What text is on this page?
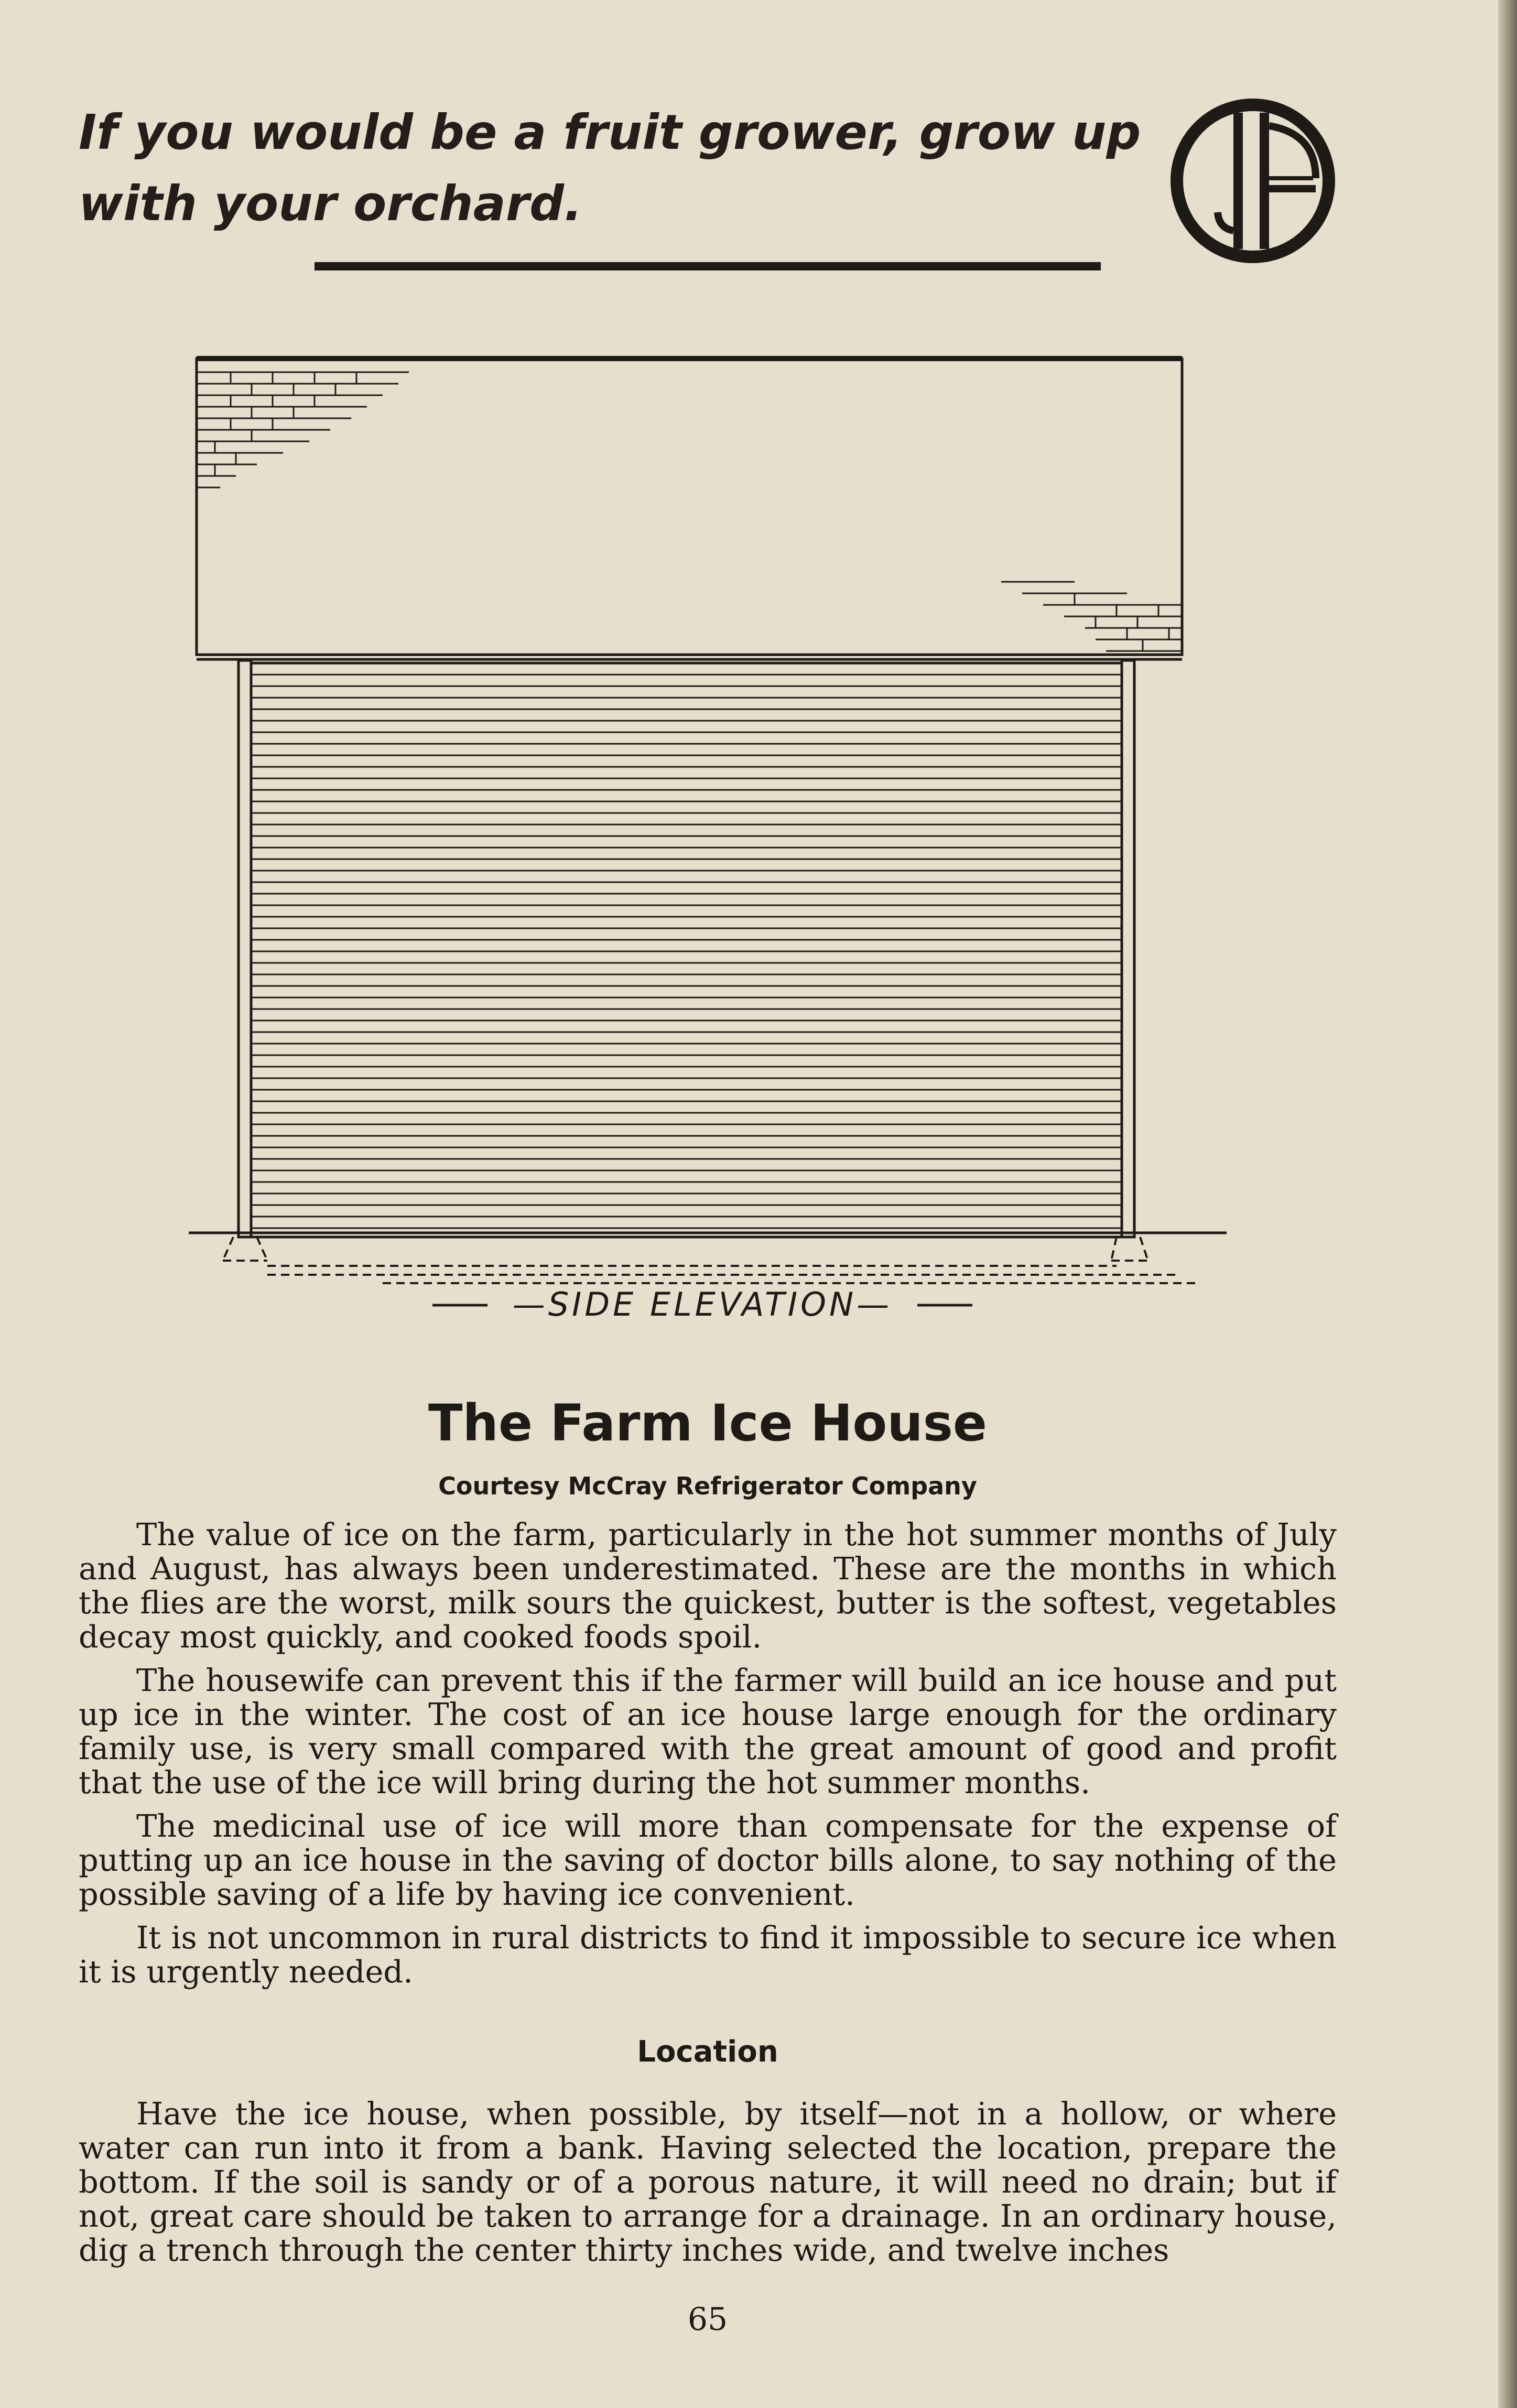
If you would be a fruit grower, grow up with your orchard.
—SIDE ELEVATION—
The Farm Ice House
Courtesy McCray Refrigerator Company

The value of ice on the farm, particularly in the hot summer months of July and August, has always been underestimated. These are the months in which the flies are the worst, milk sours the quickest, butter is the softest, vegetables decay most quickly, and cooked foods spoil.

The housewife can prevent this if the farmer will build an ice house and put up ice in the winter. The cost of an ice house large enough for the ordinary family use, is very small compared with the great amount of good and profit that the use of the ice will bring during the hot summer months.

The medicinal use of ice will more than compensate for the expense of putting up an ice house in the saving of doctor bills alone, to say nothing of the possible saving of a life by having ice convenient.

It is not uncommon in rural districts to find it impossible to secure ice when it is urgently needed.

Location

Have the ice house, when possible, by itself—not in a hollow, or where water can run into it from a bank. Having selected the location, prepare the bottom. If the soil is sandy or of a porous nature, it will need no drain; but if not, great care should be taken to arrange for a drainage. In an ordinary house, dig a trench through the center thirty inches wide, and twelve inches

65
